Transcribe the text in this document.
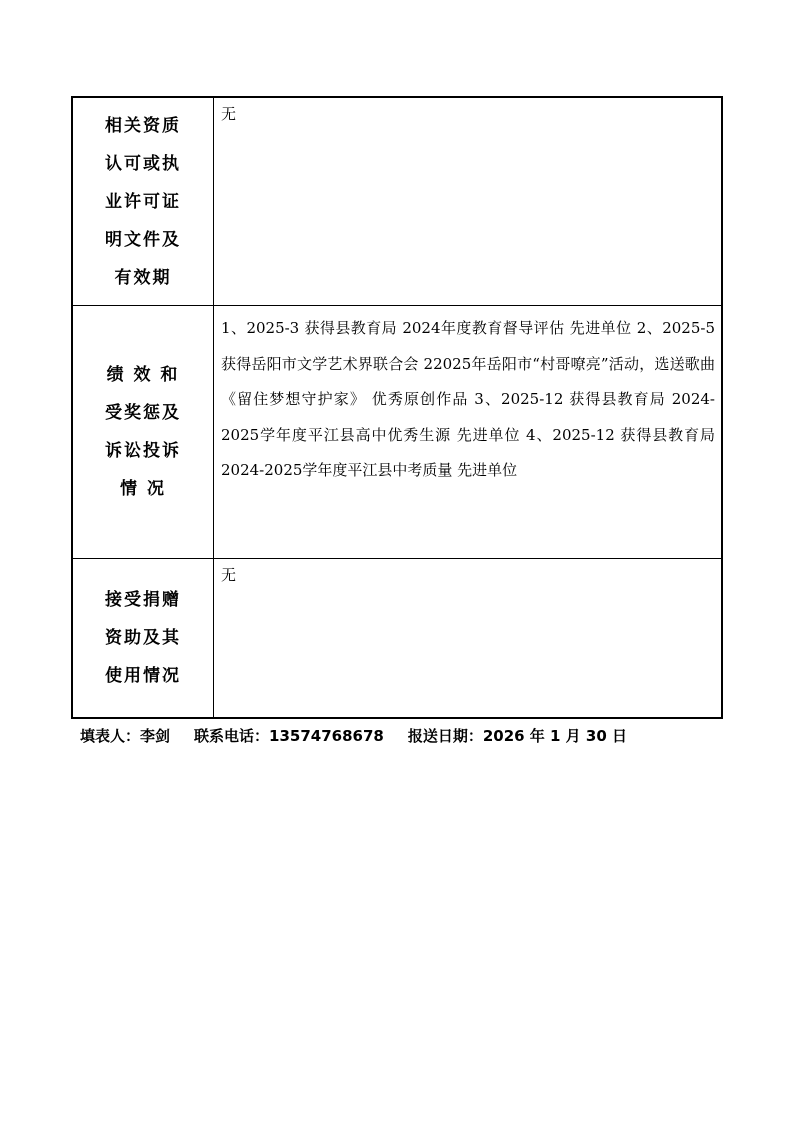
相关资质
认可或执
业许可证
明文件及
有效期
无
绩 效 和
受奖惩及
诉讼投诉
情 况
1、2025-3 获得县教育局 2024年度教育督导评估 先进单位 2、2025-5 获得岳阳市文学艺术界联合会 22025年岳阳市“村哥嘹亮”活动，选送歌曲《留住梦想守护家》 优秀原创作品 3、2025-12 获得县教育局 2024-2025学年度平江县高中优秀生源 先进单位 4、2025-12 获得县教育局 2024-2025学年度平江县中考质量 先进单位
接受捐赠
资助及其
使用情况
无
填表人：李剑 联系电话：13574768678 报送日期：2026 年 1 月 30 日
